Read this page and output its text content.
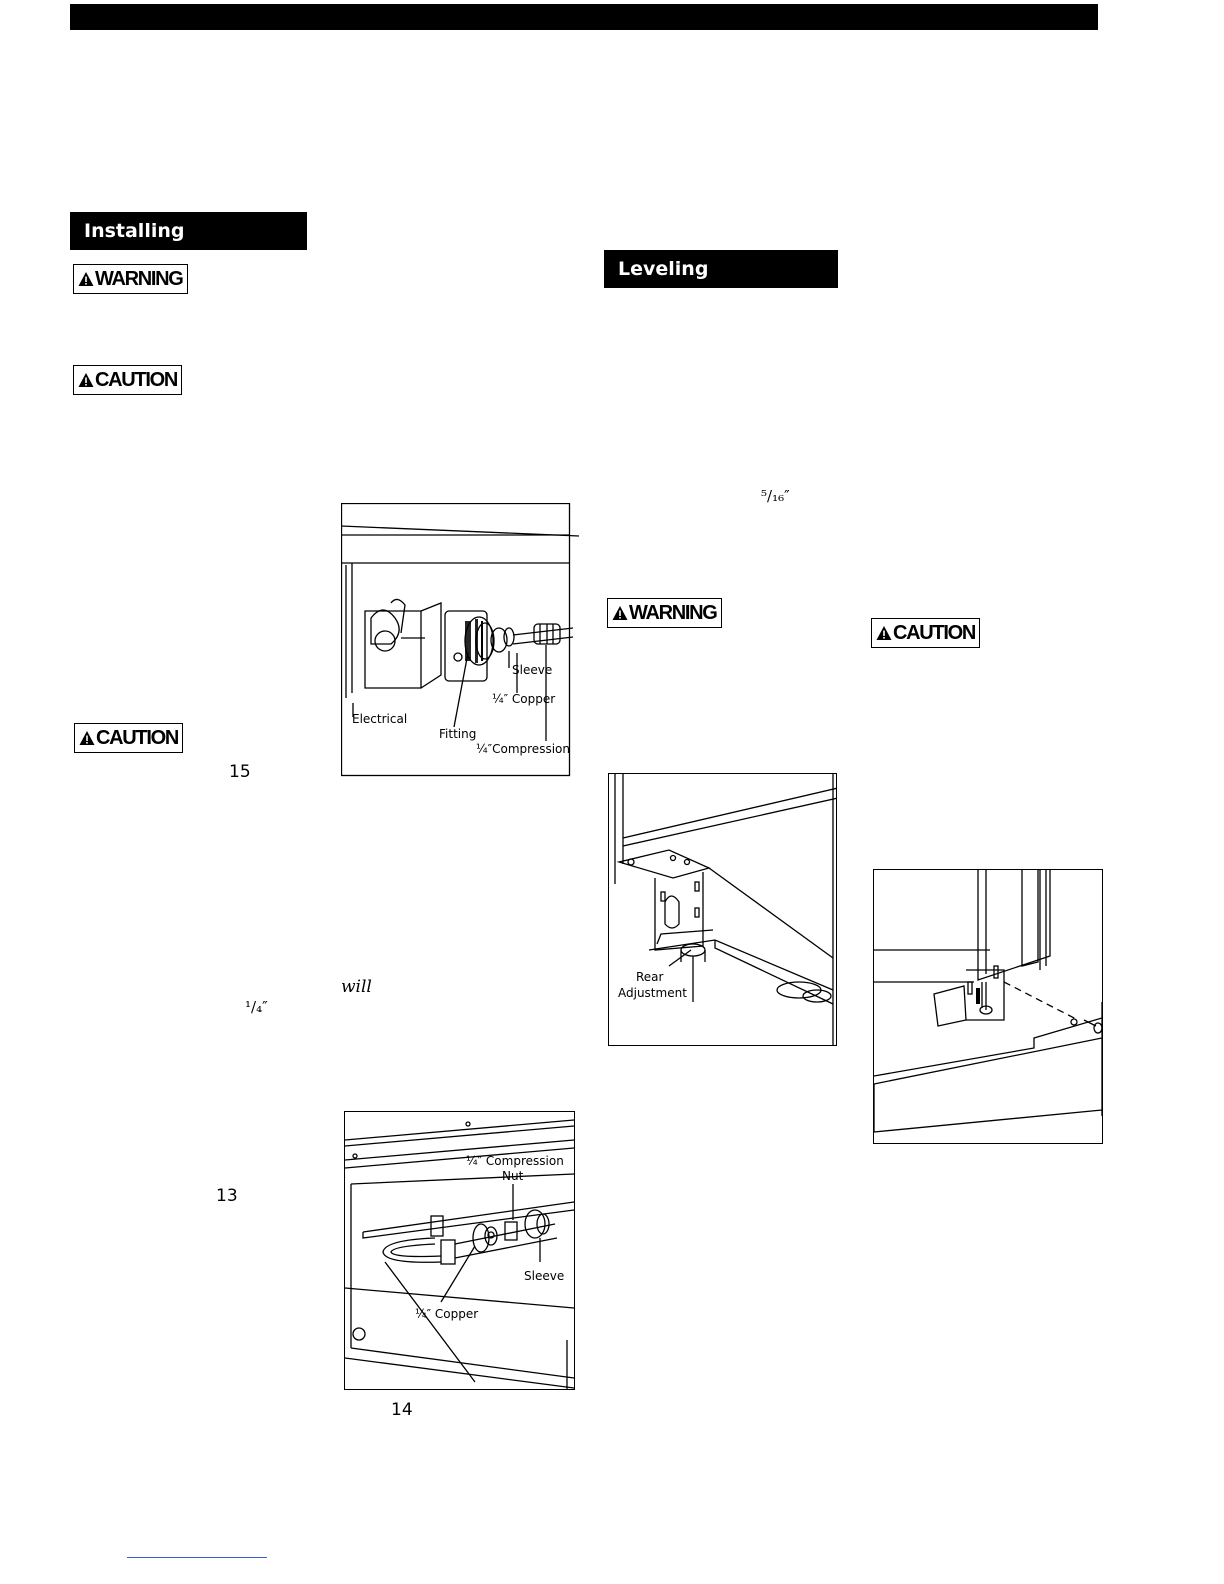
Installing
Leveling
WARNING
CAUTION
CAUTION
WARNING
CAUTION
15
13
14
will
¹/₄″
⁵/₁₆″
Electrical
Fitting
Sleeve
¼″ Copper
¼″Compression
¼″ Compression
Nut
Sleeve
¼″ Copper
Rear
Adjustment
